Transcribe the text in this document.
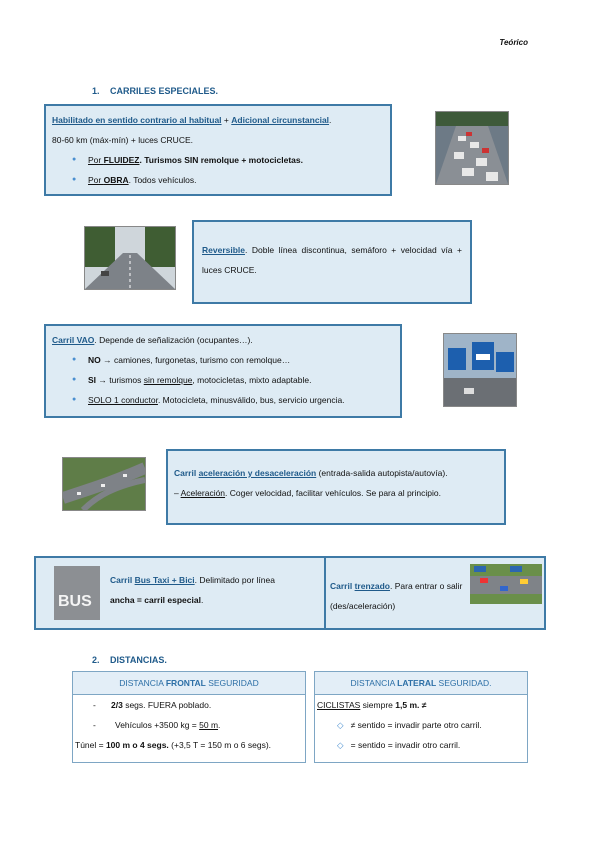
Teórico
1. CARRILES ESPECIALES.
Habilitado en sentido contrario al habitual + Adicional circunstancial.
80-60 km (máx-mín) + luces CRUCE.
● Por FLUIDEZ. Turismos SIN remolque + motocicletas.
● Por OBRA. Todos vehículos.
Reversible. Doble línea discontinua, semáforo + velocidad vía + luces CRUCE.
Carril VAO. Depende de señalización (ocupantes…).
● NO → camiones, furgonetas, turismo con remolque…
● SI → turismos sin remolque, motocicletas, mixto adaptable.
● SOLO 1 conductor. Motocicleta, minusválido, bus, servicio urgencia.
Carril aceleración y desaceleración (entrada-salida autopista/autovía).
– Aceleración. Coger velocidad, facilitar vehículos. Se para al principio.
BUS
Carril Bus Taxi + Bici. Delimitado por línea
ancha = carril especial.
Carril trenzado. Para entrar o salir (des/aceleración)
2. DISTANCIAS.
DISTANCIA FRONTAL SEGURIDAD
- 2/3 segs. FUERA poblado.
- Vehículos +3500 kg = 50 m.
Túnel = 100 m o 4 segs. (+3,5 T = 150 m o 6 segs).
DISTANCIA LATERAL SEGURIDAD.
CICLISTAS siempre 1,5 m. ≠
◇ ≠ sentido = invadir parte otro carril.
◇ = sentido = invadir otro carril.
